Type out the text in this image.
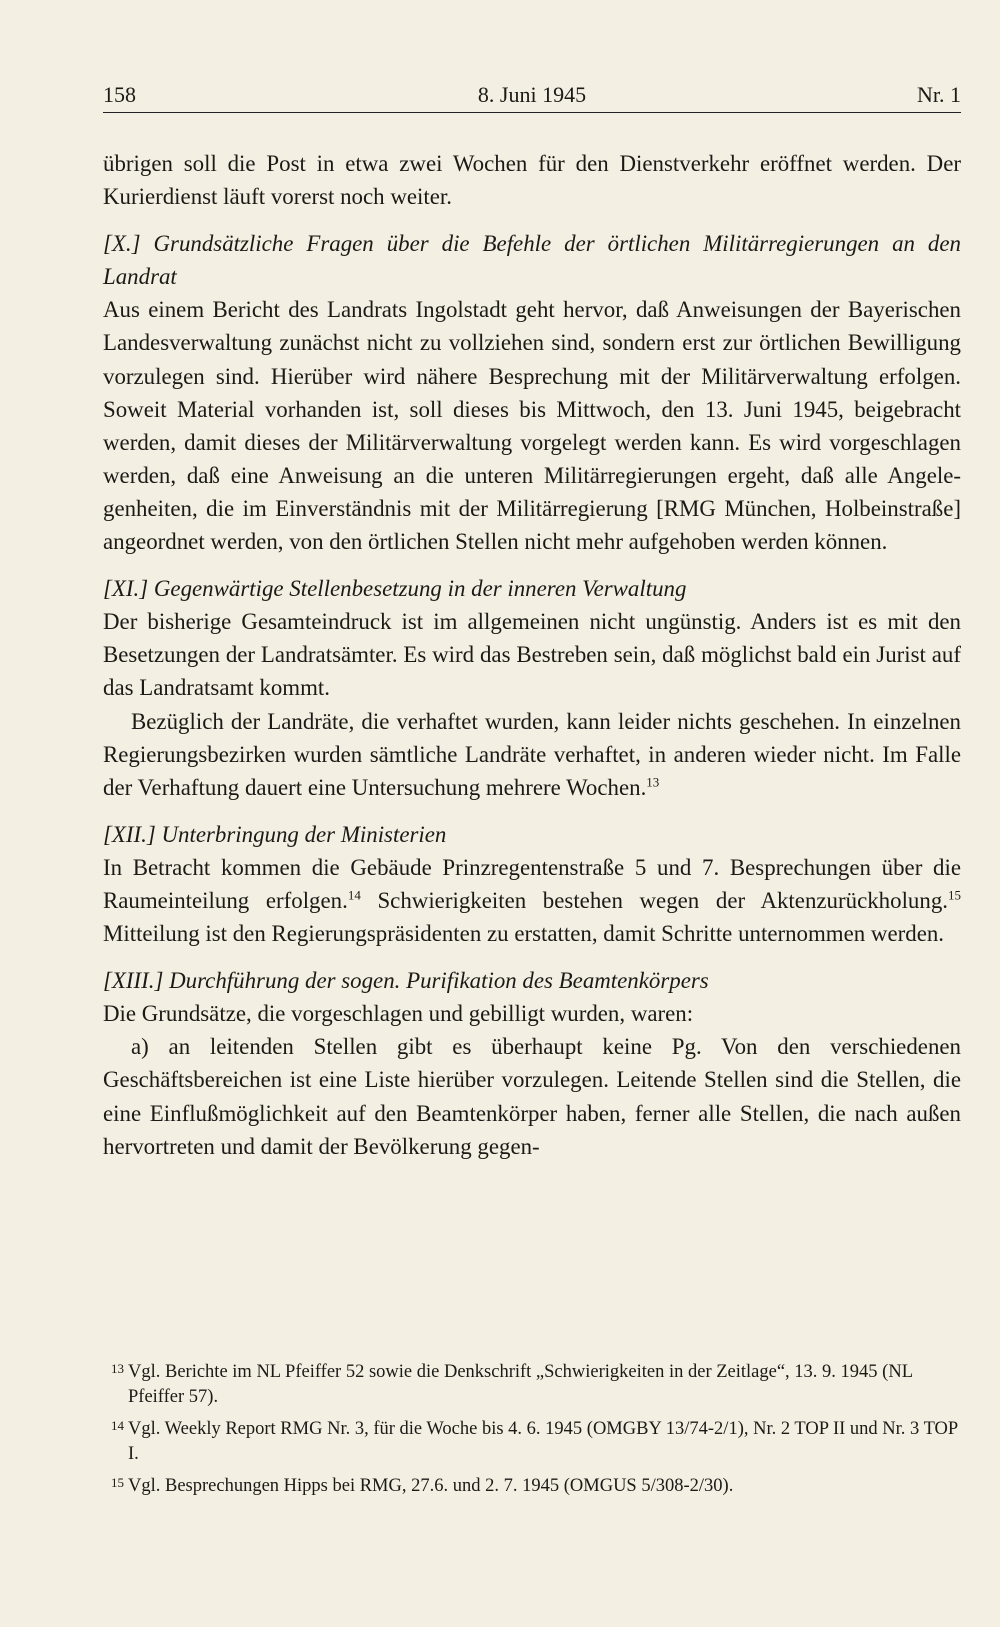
158	8. Juni 1945	Nr. 1

übrigen soll die Post in etwa zwei Wochen für den Dienstverkehr eröffnet werden. Der Kurierdienst läuft vorerst noch weiter.

[X.] Grundsätzliche Fragen über die Befehle der örtlichen Militärregierungen an den Landrat

Aus einem Bericht des Landrats Ingolstadt geht hervor, daß Anweisungen der Bayerischen Landesverwaltung zunächst nicht zu vollziehen sind, sondern erst zur örtlichen Bewilligung vorzulegen sind. Hierüber wird nähere Besprechung mit der Militärverwaltung erfolgen. Soweit Material vorhanden ist, soll dieses bis Mittwoch, den 13. Juni 1945, beigebracht werden, damit dieses der Militärverwaltung vorgelegt werden kann. Es wird vorgeschlagen werden, daß eine Anweisung an die unteren Militärregierungen ergeht, daß alle Angelegenheiten, die im Einverständnis mit der Militärregierung [RMG München, Holbeinstraße] angeordnet werden, von den örtlichen Stellen nicht mehr aufgehoben werden können.

[XI.] Gegenwärtige Stellenbesetzung in der inneren Verwaltung

Der bisherige Gesamteindruck ist im allgemeinen nicht ungünstig. Anders ist es mit den Besetzungen der Landratsämter. Es wird das Bestreben sein, daß möglichst bald ein Jurist auf das Landratsamt kommt.

Bezüglich der Landräte, die verhaftet wurden, kann leider nichts geschehen. In einzelnen Regierungsbezirken wurden sämtliche Landräte verhaftet, in anderen wieder nicht. Im Falle der Verhaftung dauert eine Untersuchung mehrere Wochen.$^{13}$

[XII.] Unterbringung der Ministerien

In Betracht kommen die Gebäude Prinzregentenstraße 5 und 7. Besprechungen über die Raumeinteilung erfolgen.$^{14}$ Schwierigkeiten bestehen wegen der Aktenzurückholung.$^{15}$ Mitteilung ist den Regierungspräsidenten zu erstatten, damit Schritte unternommen werden.

[XIII.] Durchführung der sogen. Purifikation des Beamtenkörpers

Die Grundsätze, die vorgeschlagen und gebilligt wurden, waren:

a) an leitenden Stellen gibt es überhaupt keine Pg. Von den verschiedenen Geschäftsbereichen ist eine Liste hierüber vorzulegen. Leitende Stellen sind die Stellen, die eine Einflußmöglichkeit auf den Beamtenkörper haben, ferner alle Stellen, die nach außen hervortreten und damit der Bevölkerung gegen-

13 Vgl. Berichte im NL Pfeiffer 52 sowie die Denkschrift „Schwierigkeiten in der Zeitlage“, 13. 9. 1945 (NL Pfeiffer 57).
14 Vgl. Weekly Report RMG Nr. 3, für die Woche bis 4. 6. 1945 (OMGBY 13/74-2/1), Nr. 2 TOP II und Nr. 3 TOP I.
15 Vgl. Besprechungen Hipps bei RMG, 27.6. und 2. 7. 1945 (OMGUS 5/308-2/30).
